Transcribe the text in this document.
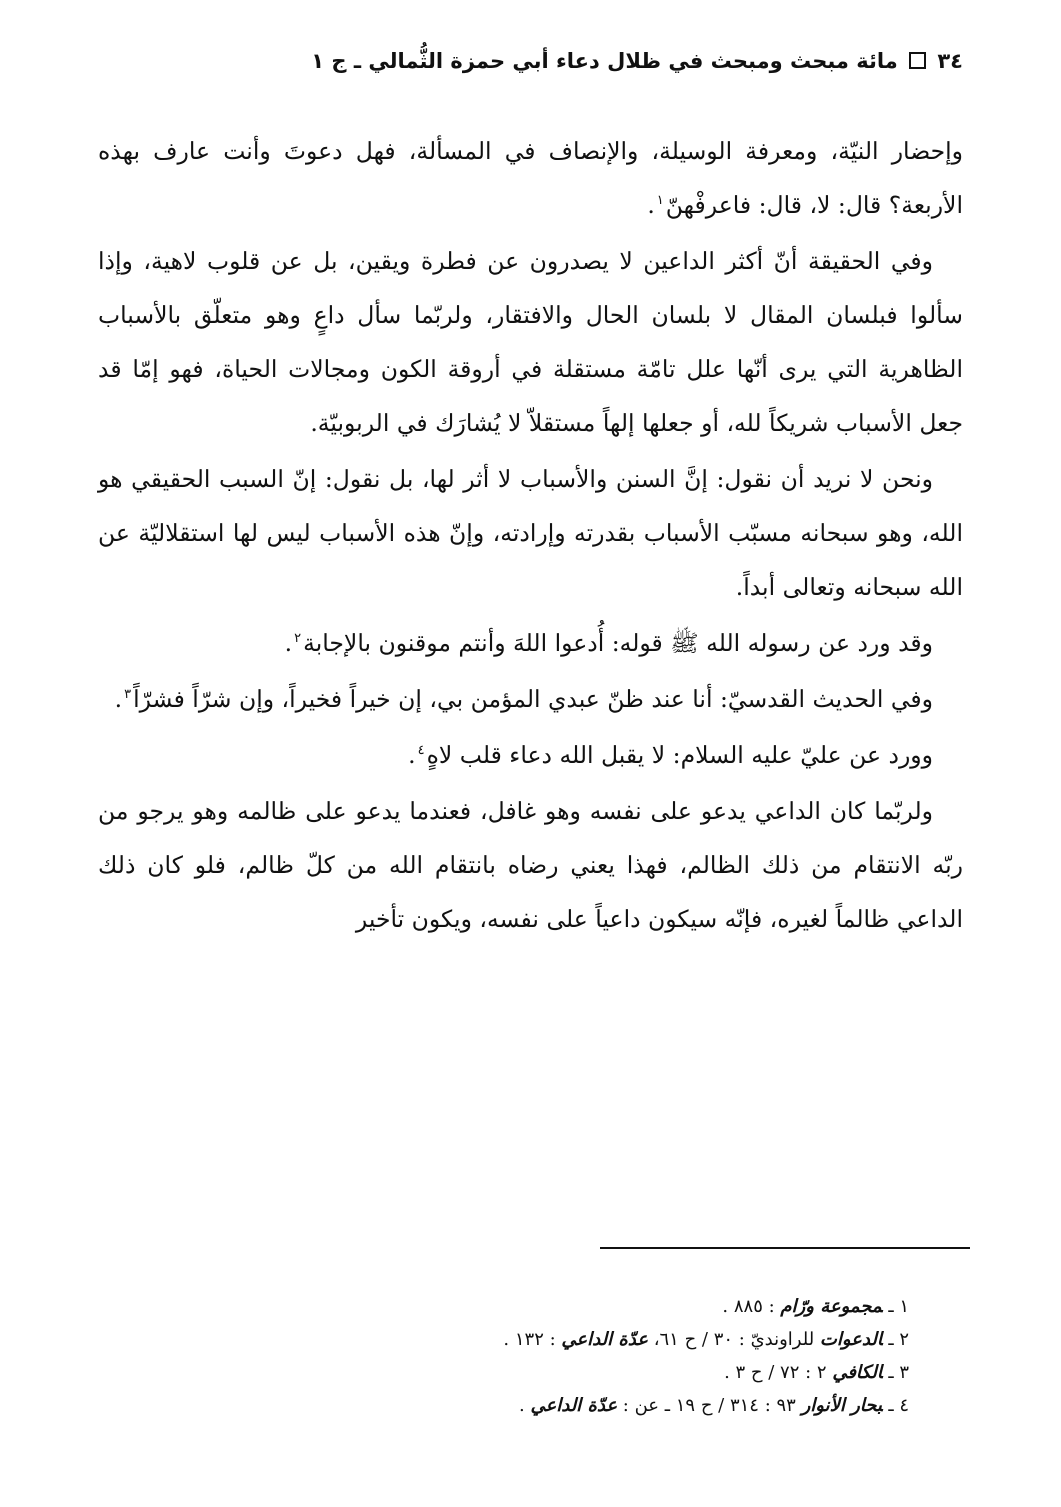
٣٤  مائة مبحث ومبحث في ظلال دعاء أبي حمزة الثُّمالي ـ ج ١

وإحضار النيّة، ومعرفة الوسيلة، والإنصاف في المسألة، فهل دعوتَ وأنت عارف بهذه الأربعة؟ قال: لا، قال: فاعرفْهنّ$^١$.

وفي الحقيقة أنّ أكثر الداعين لا يصدرون عن فطرة ويقين، بل عن قلوب لاهية، وإذا سألوا فبلسان المقال لا بلسان الحال والافتقار، ولربّما سأل داعٍ وهو متعلّق بالأسباب الظاهرية التي يرى أنّها علل تامّة مستقلة في أروقة الكون ومجالات الحياة، فهو إمّا قد جعل الأسباب شريكاً لله، أو جعلها إلهاً مستقلاّ لا يُشارَك في الربوبيّة.

ونحن لا نريد أن نقول: إنَّ السنن والأسباب لا أثر لها، بل نقول: إنّ السبب الحقيقي هو الله، وهو سبحانه مسبّب الأسباب بقدرته وإرادته، وإنّ هذه الأسباب ليس لها استقلاليّة عن الله سبحانه وتعالى أبداً.

وقد ورد عن رسوله الله ﷺ قوله: أُدعوا اللهَ وأنتم موقنون بالإجابة$^٢$.

وفي الحديث القدسيّ: أنا عند ظنّ عبدي المؤمن بي، إن خيراً فخيراً، وإن شرّاً فشرّاً$^٣$.

وورد عن عليّ عليه السلام: لا يقبل الله دعاء قلب لاهٍ$^٤$.

ولربّما كان الداعي يدعو على نفسه وهو غافل، فعندما يدعو على ظالمه وهو يرجو من ربّه الانتقام من ذلك الظالم، فهذا يعني رضاه بانتقام الله من كلّ ظالم، فلو كان ذلك الداعي ظالماً لغيره، فإنّه سيكون داعياً على نفسه، ويكون تأخير

١ ـمجموعة ورّام : ٨٨٥ .

٢ ـالدعوات للراونديّ : ٣٠ / ح ٦١، عدّة الداعي : ١٣٢ .

٣ ـالكافي ٢ : ٧٢ / ح ٣ .

٤ ـبحار الأنوار ٩٣ : ٣١٤ / ح ١٩ ـ عن : عدّة الداعي .
